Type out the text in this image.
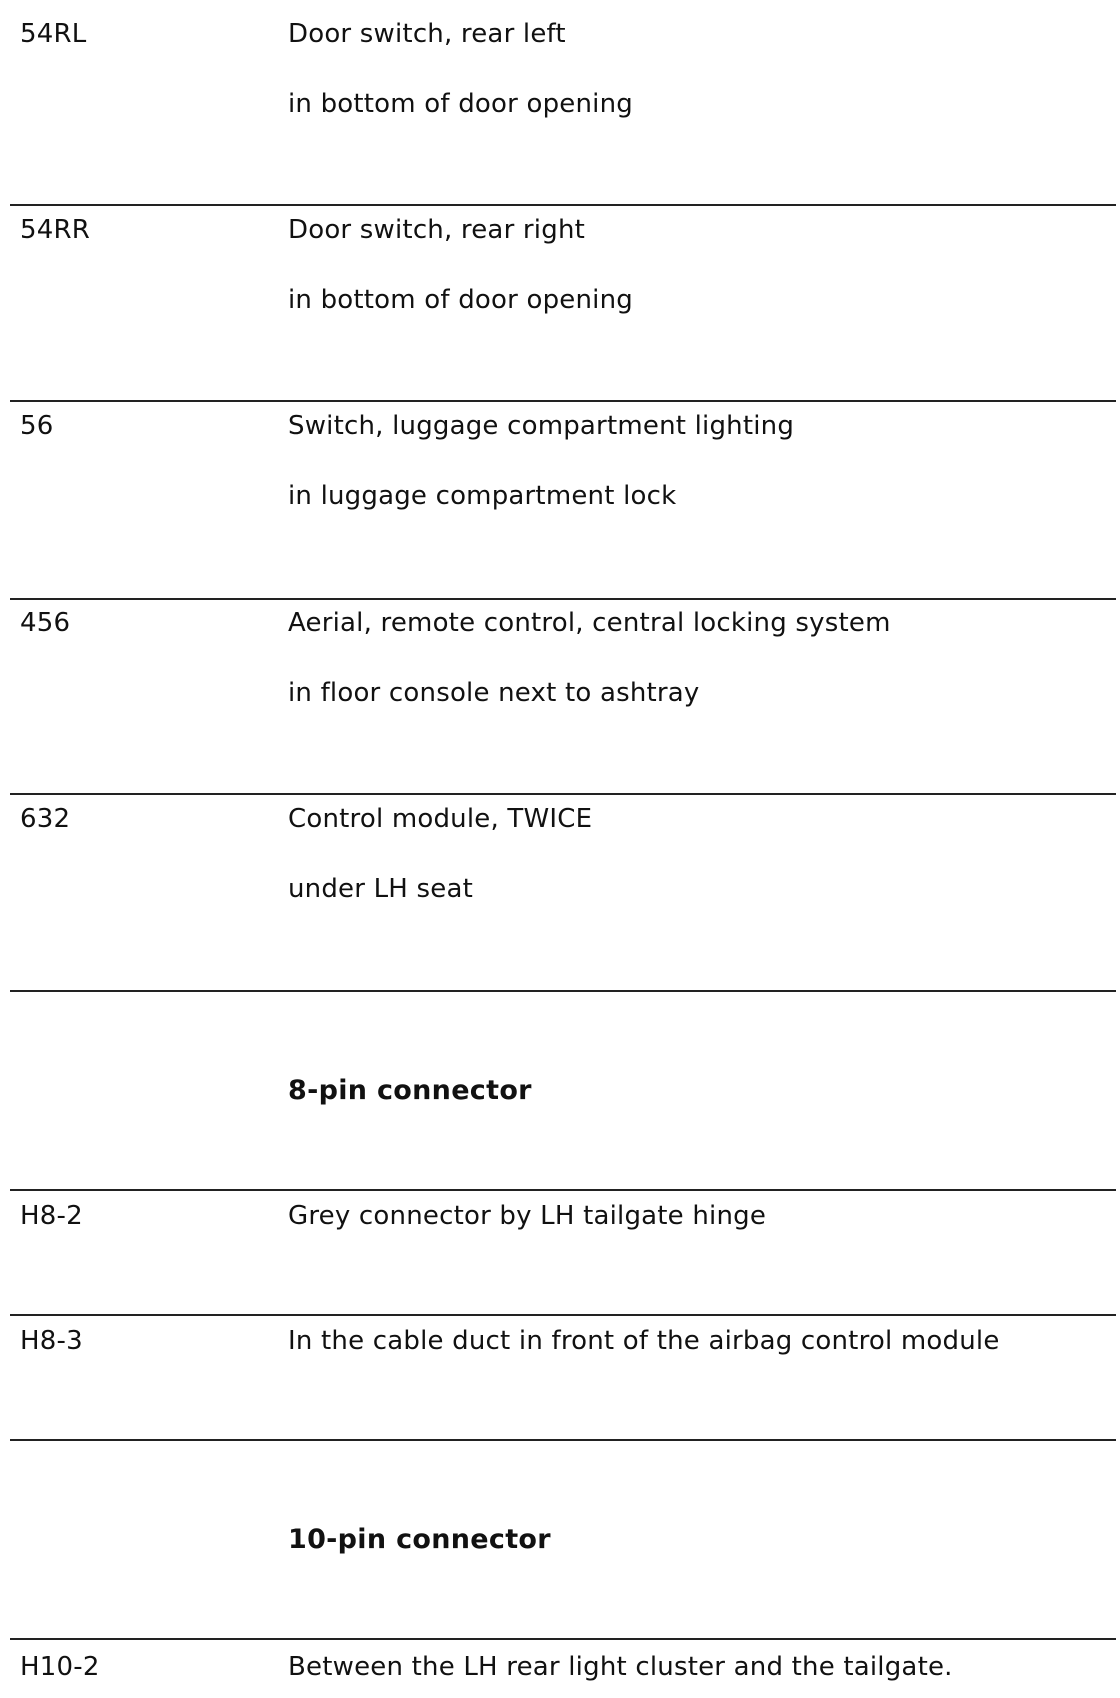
54RL	Door switch, rear left
in bottom of door opening
54RR	Door switch, rear right
in bottom of door opening
56	Switch, luggage compartment lighting
in luggage compartment lock
456	Aerial, remote control, central locking system
in floor console next to ashtray
632	Control module, TWICE
under LH seat
8-pin connector
H8-2	Grey connector by LH tailgate hinge
H8-3	In the cable duct in front of the airbag control module
10-pin connector
H10-2	Between the LH rear light cluster and the tailgate.
